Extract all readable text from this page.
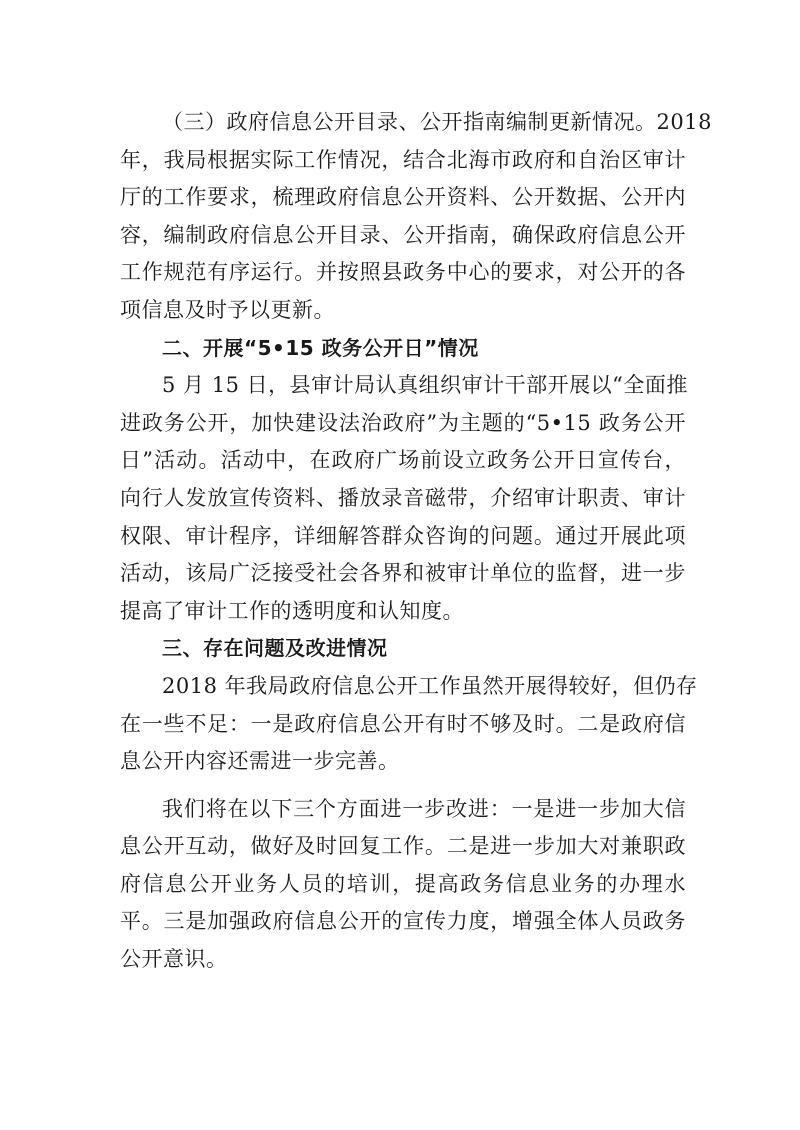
（三）政府信息公开目录、公开指南编制更新情况。2018
年，我局根据实际工作情况，结合北海市政府和自治区审计
厅的工作要求，梳理政府信息公开资料、公开数据、公开内
容，编制政府信息公开目录、公开指南，确保政府信息公开
工作规范有序运行。并按照县政务中心的要求，对公开的各
项信息及时予以更新。
二、开展“5•15 政务公开日”情况
5 月 15 日，县审计局认真组织审计干部开展以“全面推
进政务公开，加快建设法治政府”为主题的“5•15 政务公开
日”活动。活动中，在政府广场前设立政务公开日宣传台，
向行人发放宣传资料、播放录音磁带，介绍审计职责、审计
权限、审计程序，详细解答群众咨询的问题。通过开展此项
活动，该局广泛接受社会各界和被审计单位的监督，进一步
提高了审计工作的透明度和认知度。
三、存在问题及改进情况
2018 年我局政府信息公开工作虽然开展得较好，但仍存
在一些不足：一是政府信息公开有时不够及时。二是政府信
息公开内容还需进一步完善。
我们将在以下三个方面进一步改进：一是进一步加大信
息公开互动，做好及时回复工作。二是进一步加大对兼职政
府信息公开业务人员的培训，提高政务信息业务的办理水
平。三是加强政府信息公开的宣传力度，增强全体人员政务
公开意识。
